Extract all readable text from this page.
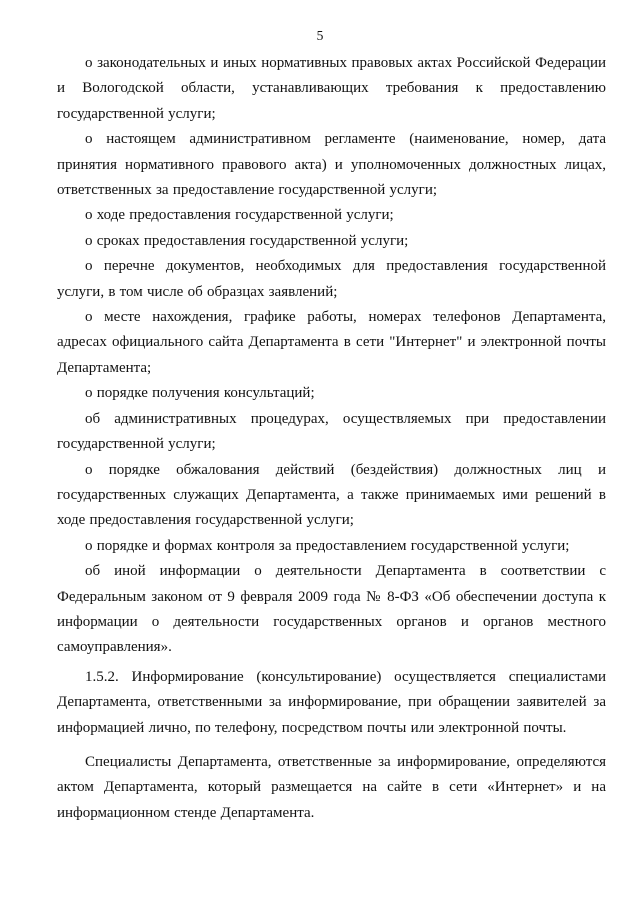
5

о законодательных и иных нормативных правовых актах Российской Федерации и Вологодской области, устанавливающих требования к предоставлению государственной услуги;

о настоящем административном регламенте (наименование, номер, дата принятия нормативного правового акта) и уполномоченных должностных лицах, ответственных за предоставление государственной услуги;

о ходе предоставления государственной услуги;

о сроках предоставления государственной услуги;

о перечне документов, необходимых для предоставления государственной услуги, в том числе об образцах заявлений;

о месте нахождения, графике работы, номерах телефонов Департамента, адресах официального сайта Департамента в сети "Интернет" и электронной почты Департамента;

о порядке получения консультаций;

об административных процедурах, осуществляемых при предоставлении государственной услуги;

о порядке обжалования действий (бездействия) должностных лиц и государственных служащих Департамента, а также принимаемых ими решений в ходе предоставления государственной услуги;

о порядке и формах контроля за предоставлением государственной услуги;

об иной информации о деятельности Департамента в соответствии с Федеральным законом от 9 февраля 2009 года № 8-ФЗ «Об обеспечении доступа к информации о деятельности государственных органов и органов местного самоуправления».

1.5.2. Информирование (консультирование) осуществляется специалистами Департамента, ответственными за информирование, при обращении заявителей за информацией лично, по телефону, посредством почты или электронной почты.

Специалисты Департамента, ответственные за информирование, определяются актом Департамента, который размещается на сайте в сети «Интернет» и на информационном стенде Департамента.
